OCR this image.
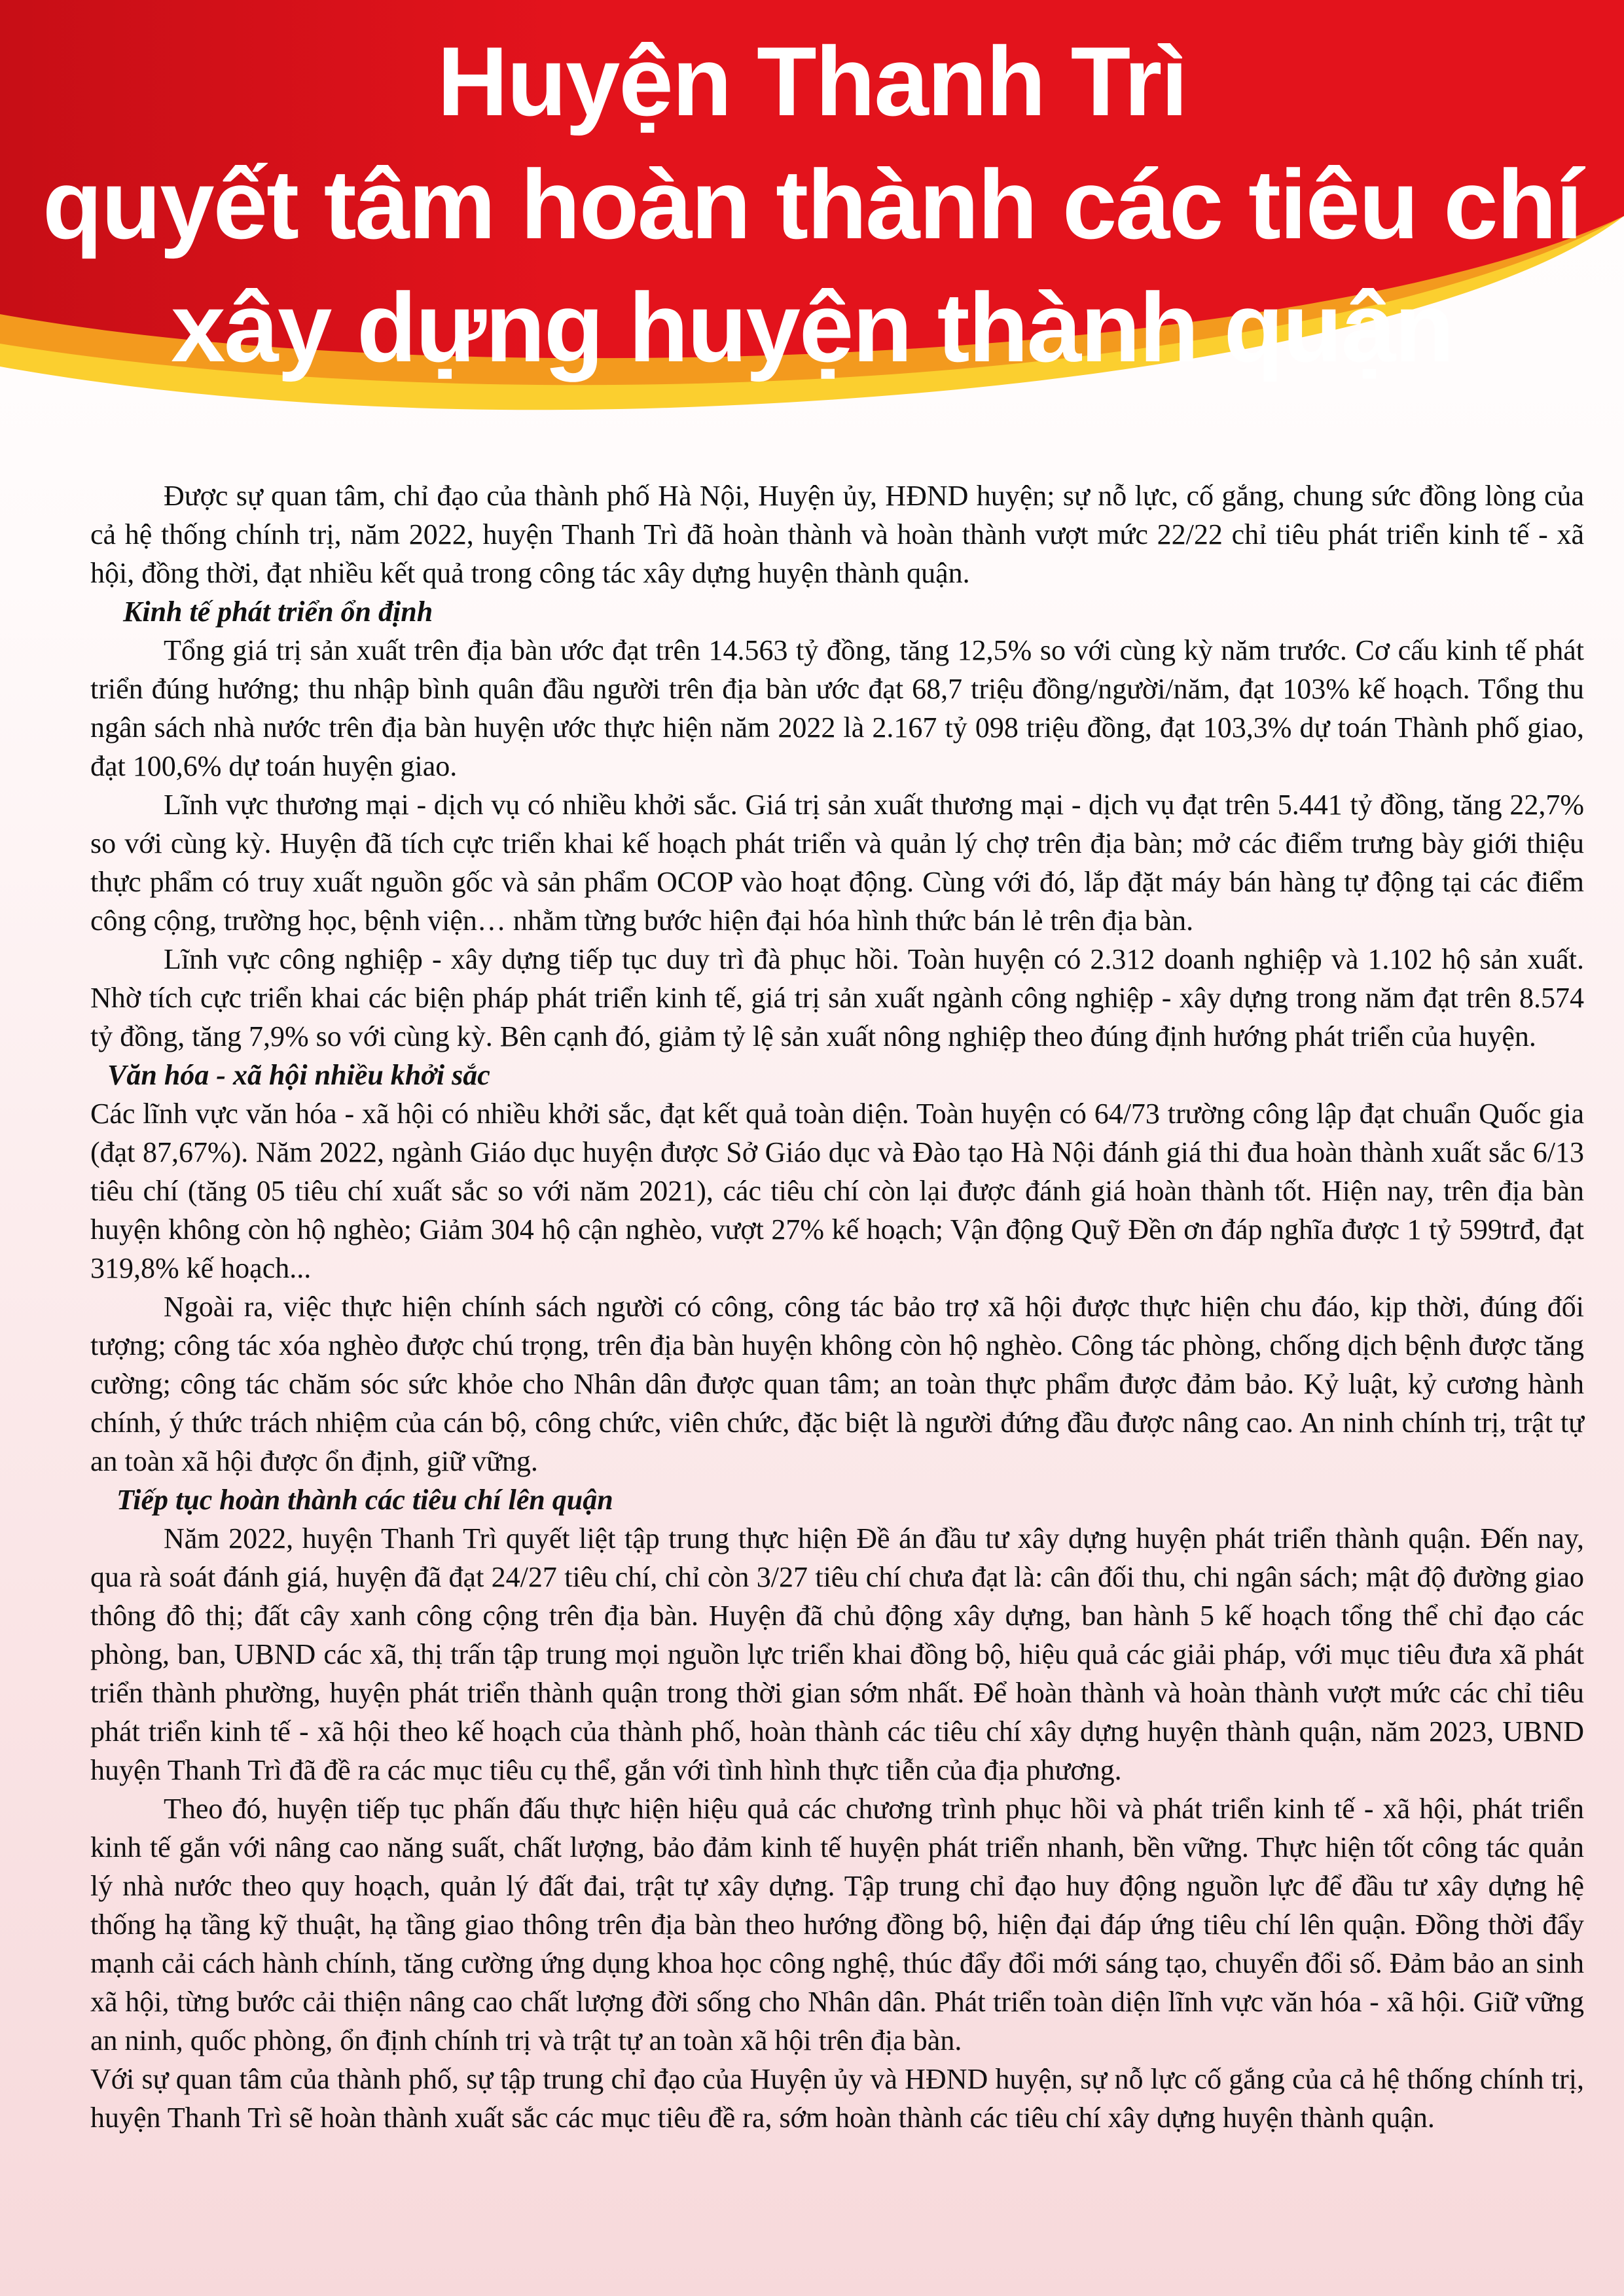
Huyện Thanh Trì
quyết tâm hoàn thành các tiêu chí
xây dựng huyện thành quận

Được sự quan tâm, chỉ đạo của thành phố Hà Nội, Huyện ủy, HĐND huyện; sự nỗ lực, cố gắng, chung sức đồng lòng của cả hệ thống chính trị, năm 2022, huyện Thanh Trì đã hoàn thành và hoàn thành vượt mức 22/22 chỉ tiêu phát triển kinh tế - xã hội, đồng thời, đạt nhiều kết quả trong công tác xây dựng huyện thành quận.

Kinh tế phát triển ổn định

Tổng giá trị sản xuất trên địa bàn ước đạt trên 14.563 tỷ đồng, tăng 12,5% so với cùng kỳ năm trước. Cơ cấu kinh tế phát triển đúng hướng; thu nhập bình quân đầu người trên địa bàn ước đạt 68,7 triệu đồng/người/năm, đạt 103% kế hoạch. Tổng thu ngân sách nhà nước trên địa bàn huyện ước thực hiện năm 2022 là 2.167 tỷ 098 triệu đồng, đạt 103,3% dự toán Thành phố giao, đạt 100,6% dự toán huyện giao.

Lĩnh vực thương mại - dịch vụ có nhiều khởi sắc. Giá trị sản xuất thương mại - dịch vụ đạt trên 5.441 tỷ đồng, tăng 22,7% so với cùng kỳ. Huyện đã tích cực triển khai kế hoạch phát triển và quản lý chợ trên địa bàn; mở các điểm trưng bày giới thiệu thực phẩm có truy xuất nguồn gốc và sản phẩm OCOP vào hoạt động. Cùng với đó, lắp đặt máy bán hàng tự động tại các điểm công cộng, trường học, bệnh viện… nhằm từng bước hiện đại hóa hình thức bán lẻ trên địa bàn.

Lĩnh vực công nghiệp - xây dựng tiếp tục duy trì đà phục hồi. Toàn huyện có 2.312 doanh nghiệp và 1.102 hộ sản xuất. Nhờ tích cực triển khai các biện pháp phát triển kinh tế, giá trị sản xuất ngành công nghiệp - xây dựng trong năm đạt trên 8.574 tỷ đồng, tăng 7,9% so với cùng kỳ. Bên cạnh đó, giảm tỷ lệ sản xuất nông nghiệp theo đúng định hướng phát triển của huyện.

Văn hóa - xã hội nhiều khởi sắc

Các lĩnh vực văn hóa - xã hội có nhiều khởi sắc, đạt kết quả toàn diện. Toàn huyện có 64/73 trường công lập đạt chuẩn Quốc gia (đạt 87,67%). Năm 2022, ngành Giáo dục huyện được Sở Giáo dục và Đào tạo Hà Nội đánh giá thi đua hoàn thành xuất sắc 6/13 tiêu chí (tăng 05 tiêu chí xuất sắc so với năm 2021), các tiêu chí còn lại được đánh giá hoàn thành tốt. Hiện nay, trên địa bàn huyện không còn hộ nghèo; Giảm 304 hộ cận nghèo, vượt 27% kế hoạch; Vận động Quỹ Đền ơn đáp nghĩa được 1 tỷ 599trđ, đạt 319,8% kế hoạch...

Ngoài ra, việc thực hiện chính sách người có công, công tác bảo trợ xã hội được thực hiện chu đáo, kịp thời, đúng đối tượng; công tác xóa nghèo được chú trọng, trên địa bàn huyện không còn hộ nghèo. Công tác phòng, chống dịch bệnh được tăng cường; công tác chăm sóc sức khỏe cho Nhân dân được quan tâm; an toàn thực phẩm được đảm bảo. Kỷ luật, kỷ cương hành chính, ý thức trách nhiệm của cán bộ, công chức, viên chức, đặc biệt là người đứng đầu được nâng cao. An ninh chính trị, trật tự an toàn xã hội được ổn định, giữ vững.

Tiếp tục hoàn thành các tiêu chí lên quận

Năm 2022, huyện Thanh Trì quyết liệt tập trung thực hiện Đề án đầu tư xây dựng huyện phát triển thành quận. Đến nay, qua rà soát đánh giá, huyện đã đạt 24/27 tiêu chí, chỉ còn 3/27 tiêu chí chưa đạt là: cân đối thu, chi ngân sách; mật độ đường giao thông đô thị; đất cây xanh công cộng trên địa bàn. Huyện đã chủ động xây dựng, ban hành 5 kế hoạch tổng thể chỉ đạo các phòng, ban, UBND các xã, thị trấn tập trung mọi nguồn lực triển khai đồng bộ, hiệu quả các giải pháp, với mục tiêu đưa xã phát triển thành phường, huyện phát triển thành quận trong thời gian sớm nhất. Để hoàn thành và hoàn thành vượt mức các chỉ tiêu phát triển kinh tế - xã hội theo kế hoạch của thành phố, hoàn thành các tiêu chí xây dựng huyện thành quận, năm 2023, UBND huyện Thanh Trì đã đề ra các mục tiêu cụ thể, gắn với tình hình thực tiễn của địa phương.

Theo đó, huyện tiếp tục phấn đấu thực hiện hiệu quả các chương trình phục hồi và phát triển kinh tế - xã hội, phát triển kinh tế gắn với nâng cao năng suất, chất lượng, bảo đảm kinh tế huyện phát triển nhanh, bền vững. Thực hiện tốt công tác quản lý nhà nước theo quy hoạch, quản lý đất đai, trật tự xây dựng. Tập trung chỉ đạo huy động nguồn lực để đầu tư xây dựng hệ thống hạ tầng kỹ thuật, hạ tầng giao thông trên địa bàn theo hướng đồng bộ, hiện đại đáp ứng tiêu chí lên quận. Đồng thời đẩy mạnh cải cách hành chính, tăng cường ứng dụng khoa học công nghệ, thúc đẩy đổi mới sáng tạo, chuyển đổi số. Đảm bảo an sinh xã hội, từng bước cải thiện nâng cao chất lượng đời sống cho Nhân dân. Phát triển toàn diện lĩnh vực văn hóa - xã hội. Giữ vững an ninh, quốc phòng, ổn định chính trị và trật tự an toàn xã hội trên địa bàn.

Với sự quan tâm của thành phố, sự tập trung chỉ đạo của Huyện ủy và HĐND huyện, sự nỗ lực cố gắng của cả hệ thống chính trị, huyện Thanh Trì sẽ hoàn thành xuất sắc các mục tiêu đề ra, sớm hoàn thành các tiêu chí xây dựng huyện thành quận.
